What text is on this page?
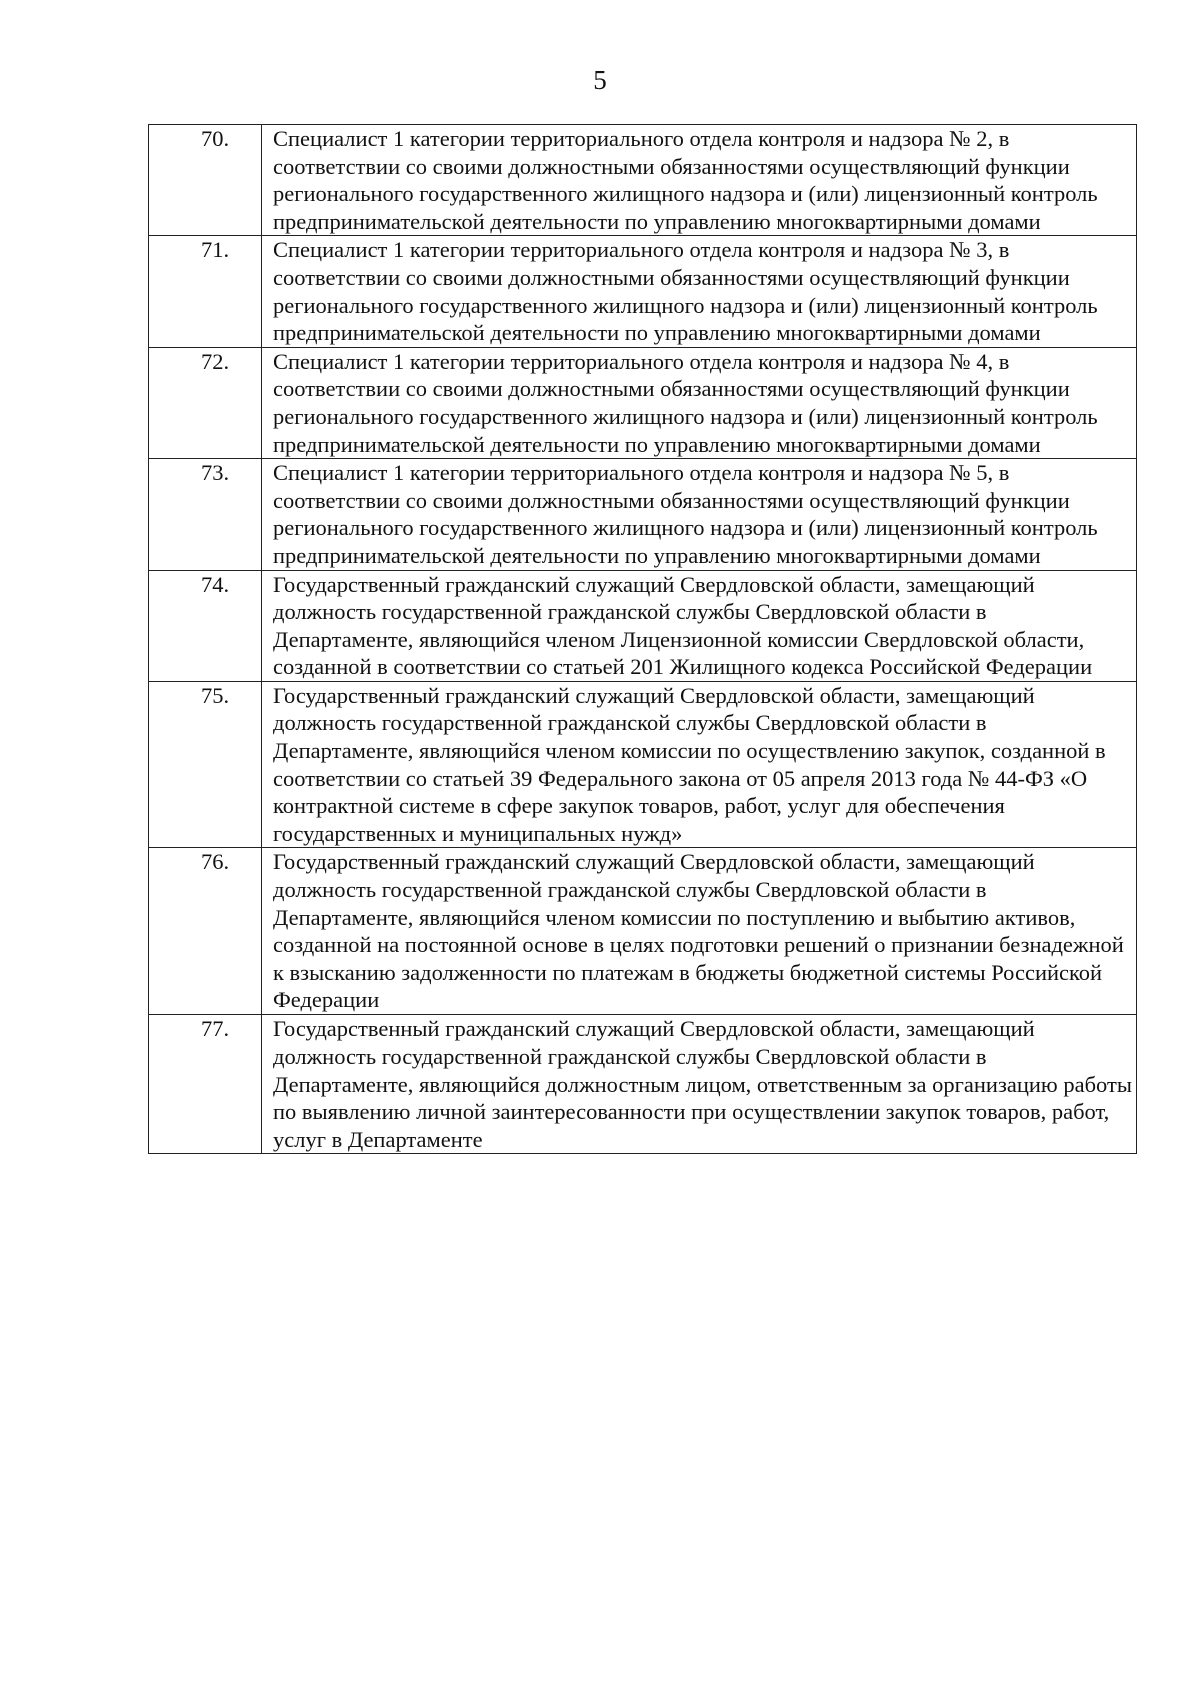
5
70.	Специалист 1 категории территориального отдела контроля и надзора № 2, в соответствии со своими должностными обязанностями осуществляющий функции регионального государственного жилищного надзора и (или) лицензионный контроль предпринимательской деятельности по управлению многоквартирными домами
71.	Специалист 1 категории территориального отдела контроля и надзора № 3, в соответствии со своими должностными обязанностями осуществляющий функции регионального государственного жилищного надзора и (или) лицензионный контроль предпринимательской деятельности по управлению многоквартирными домами
72.	Специалист 1 категории территориального отдела контроля и надзора № 4, в соответствии со своими должностными обязанностями осуществляющий функции регионального государственного жилищного надзора и (или) лицензионный контроль предпринимательской деятельности по управлению многоквартирными домами
73.	Специалист 1 категории территориального отдела контроля и надзора № 5, в соответствии со своими должностными обязанностями осуществляющий функции регионального государственного жилищного надзора и (или) лицензионный контроль предпринимательской деятельности по управлению многоквартирными домами
74.	Государственный гражданский служащий Свердловской области, замещающий должность государственной гражданской службы Свердловской области в Департаменте, являющийся членом Лицензионной комиссии Свердловской области, созданной в соответствии со статьей 201 Жилищного кодекса Российской Федерации
75.	Государственный гражданский служащий Свердловской области, замещающий должность государственной гражданской службы Свердловской области в Департаменте, являющийся членом комиссии по осуществлению закупок, созданной в соответствии со статьей 39 Федерального закона от 05 апреля 2013 года № 44-ФЗ «О контрактной системе в сфере закупок товаров, работ, услуг для обеспечения государственных и муниципальных нужд»
76.	Государственный гражданский служащий Свердловской области, замещающий должность государственной гражданской службы Свердловской области в Департаменте, являющийся членом комиссии по поступлению и выбытию активов, созданной на постоянной основе в целях подготовки решений о признании безнадежной к взысканию задолженности по платежам в бюджеты бюджетной системы Российской Федерации
77.	Государственный гражданский служащий Свердловской области, замещающий должность государственной гражданской службы Свердловской области в Департаменте, являющийся должностным лицом, ответственным за организацию работы по выявлению личной заинтересованности при осуществлении закупок товаров, работ, услуг в Департаменте
